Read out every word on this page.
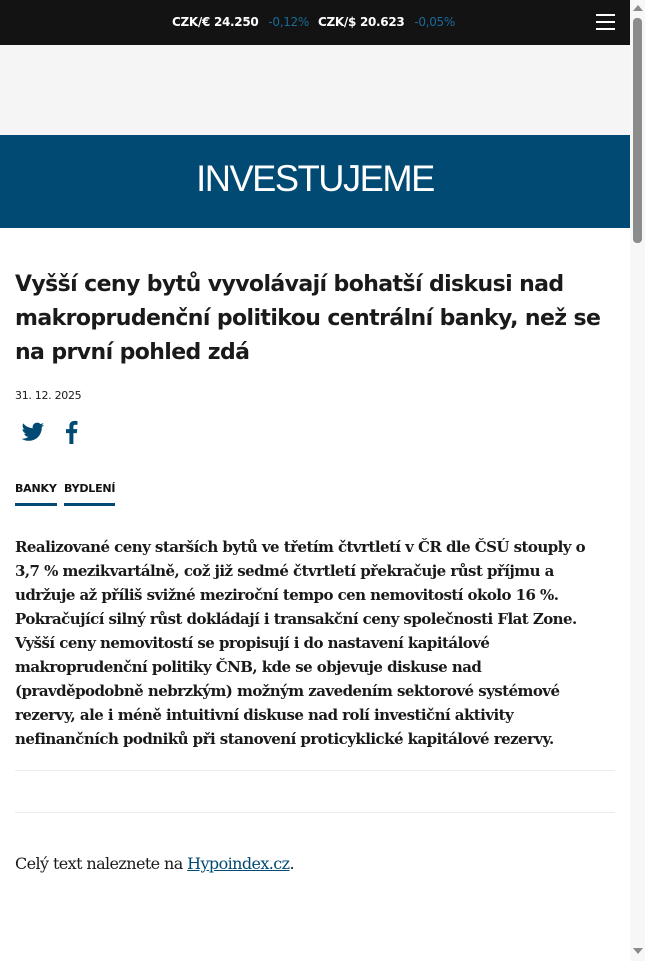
CZK/€ 24.250 -0,12% CZK/$ 20.623 -0,05%
INVESTUJEME
Vyšší ceny bytů vyvolávají bohatší diskusi nad makroprudenční politikou centrální banky, než se na první pohled zdá
31. 12. 2025
BANKY BYDLENÍ

Realizované ceny starších bytů ve třetím čtvrtletí v ČR dle ČSÚ stouply o 3,7 % mezikvartálně, což již sedmé čtvrtletí překračuje růst příjmu a udržuje až příliš svižné meziroční tempo cen nemovitostí okolo 16 %. Pokračující silný růst dokládají i transakční ceny společnosti Flat Zone. Vyšší ceny nemovitostí se propisují i do nastavení kapitálové makroprudenční politiky ČNB, kde se objevuje diskuse nad (pravděpodobně nebrzkým) možným zavedením sektorové systémové rezervy, ale i méně intuitivní diskuse nad rolí investiční aktivity nefinančních podniků při stanovení proticyklické kapitálové rezervy.

Celý text naleznete na Hypoindex.cz.
